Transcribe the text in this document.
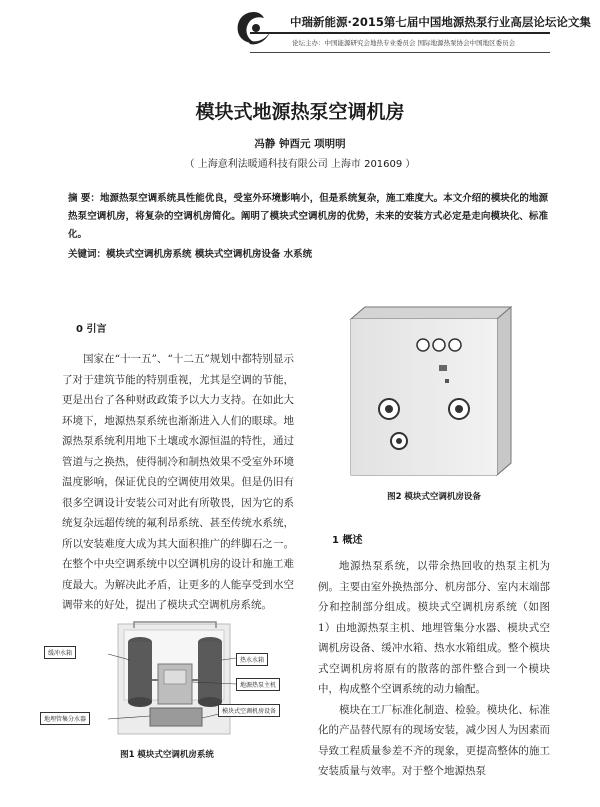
中瑞新能源·2015第七届中国地源热泵行业高层论坛论文集
论坛主办：中国能源研究会地热专业委员会 国际地源热泵协会中国地区委员会
模块式地源热泵空调机房
冯静 钟酉元 项明明
（ 上海意利法暖通科技有限公司 上海市 201609 ）
摘 要：地源热泵空调系统具性能优良，受室外环境影响小，但是系统复杂，施工难度大。本文介绍的模块化的地源热泵空调机房，将复杂的空调机房简化。阐明了模块式空调机房的优势，未来的安装方式必定是走向模块化、标准化。
关键词：模块式空调机房系统 模块式空调机房设备 水系统
0 引言

国家在“十一五”、“十二五”规划中都特别显示了对于建筑节能的特别重视，尤其是空调的节能，更是出台了各种财政政策予以大力支持。在如此大环境下，地源热泵系统也渐渐进入人们的眼球。地源热泵系统利用地下土壤或水源恒温的特性，通过管道与之换热，使得制冷和制热效果不受室外环境温度影响，保证优良的空调使用效果。但是仍旧有很多空调设计安装公司对此有所敬畏，因为它的系统复杂远超传统的氟利昂系统、甚至传统水系统，所以安装难度大成为其大面积推广的绊脚石之一。在整个中央空调系统中以空调机房的设计和施工难度最大。为解决此矛盾，让更多的人能享受到水空调带来的好处，提出了模块式空调机房系统。

缓冲水箱
地埋管集分水器
热水水箱
地源热泵主机
模块式空调机房设备
图1 模块式空调机房系统
图2 模块式空调机房设备
1 概述

地源热泵系统，以带余热回收的热泵主机为例。主要由室外换热部分、机房部分、室内末端部分和控制部分组成。模块式空调机房系统（如图1）由地源热泵主机、地埋管集分水器、模块式空调机房设备、缓冲水箱、热水水箱组成。整个模块式空调机房将原有的散落的部件整合到一个模块中，构成整个空调系统的动力输配。

模块在工厂标准化制造、检验。模块化、标准化的产品替代原有的现场安装，减少因人为因素而导致工程质量参差不齐的现象，更提高整体的施工安装质量与效率。对于整个地源热泵
